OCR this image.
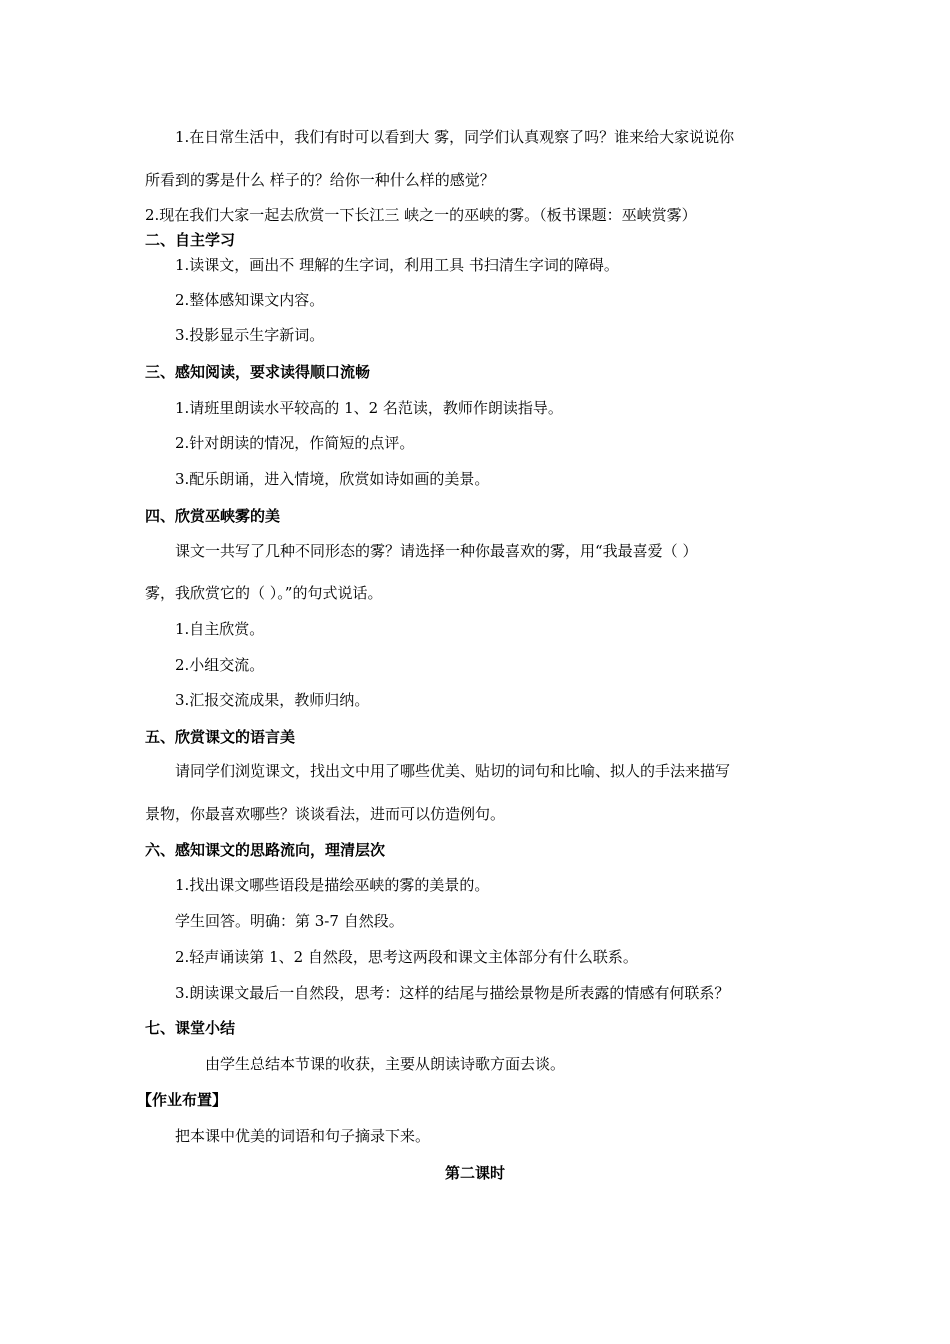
1.在日常生活中，我们有时可以看到大 雾，同学们认真观察了吗？谁来给大家说说你
所看到的雾是什么 样子的？给你一种什么样的感觉？
2.现在我们大家一起去欣赏一下长江三 峡之一的巫峡的雾。（板书课题：巫峡赏雾）
二、自主学习
1.读课文，画出不 理解的生字词，利用工具 书扫清生字词的障碍。
2.整体感知课文内容。
3.投影显示生字新词。
三、感知阅读，要求读得顺口流畅
1.请班里朗读水平较高的 1、2 名范读，教师作朗读指导。
2.针对朗读的情况，作简短的点评。
3.配乐朗诵，进入情境，欣赏如诗如画的美景。
四、欣赏巫峡雾的美
课文一共写了几种不同形态的雾？请选择一种你最喜欢的雾，用“我最喜爱（ ）
雾，我欣赏它的（ ）。”的句式说话。
1.自主欣赏。
2.小组交流。
3.汇报交流成果，教师归纳。
五、欣赏课文的语言美
请同学们浏览课文，找出文中用了哪些优美、贴切的词句和比喻、拟人的手法来描写
景物，你最喜欢哪些？谈谈看法，进而可以仿造例句。
六、感知课文的思路流向，理清层次
1.找出课文哪些语段是描绘巫峡的雾的美景的。
学生回答。明确：第 3-7 自然段。
2.轻声诵读第 1、2 自然段，思考这两段和课文主体部分有什么联系。
3.朗读课文最后一自然段，思考：这样的结尾与描绘景物是所表露的情感有何联系？
七、课堂小结
由学生总结本节课的收获，主要从朗读诗歌方面去谈。
【作业布置】
把本课中优美的词语和句子摘录下来。
第二课时
